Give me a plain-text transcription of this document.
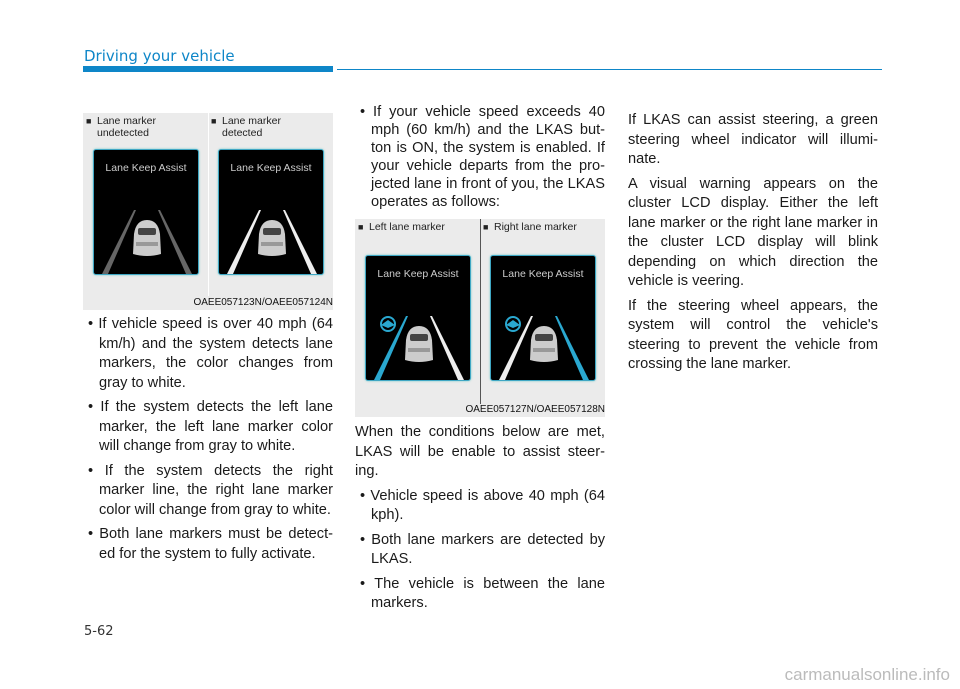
Driving your vehicle
■ Lane marker undetected
Lane Keep Assist
■ Lane marker detected
Lane Keep Assist
OAEE057123N/OAEE057124N
■ Left lane marker
Lane Keep Assist
■ Right lane marker
Lane Keep Assist
OAEE057127N/OAEE057128N
• If vehicle speed is over 40 mph (64 km/h) and the system detects lane markers, the color changes from gray to white.
• If the system detects the left lane marker, the left lane marker color will change from gray to white.
• If the system detects the right marker line, the right lane marker color will change from gray to white.
• Both lane markers must be detect-ed for the system to fully activate.
• If your vehicle speed exceeds 40 mph (60 km/h) and the LKAS but-ton is ON, the system is enabled. If your vehicle departs from the pro-jected lane in front of you, the LKAS operates as follows:

When the conditions below are met, LKAS will be enable to assist steer-ing.

• Vehicle speed is above 40 mph (64 kph).
• Both lane markers are detected by LKAS.
• The vehicle is between the lane markers.

If LKAS can assist steering, a green steering wheel indicator will illumi-nate.

A visual warning appears on the cluster LCD display. Either the left lane marker or the right lane marker in the cluster LCD display will blink depending on which direction the vehicle is veering.

If the steering wheel appears, the system will control the vehicle's steering to prevent the vehicle from crossing the lane marker.

5-62
carmanualsonline.info
